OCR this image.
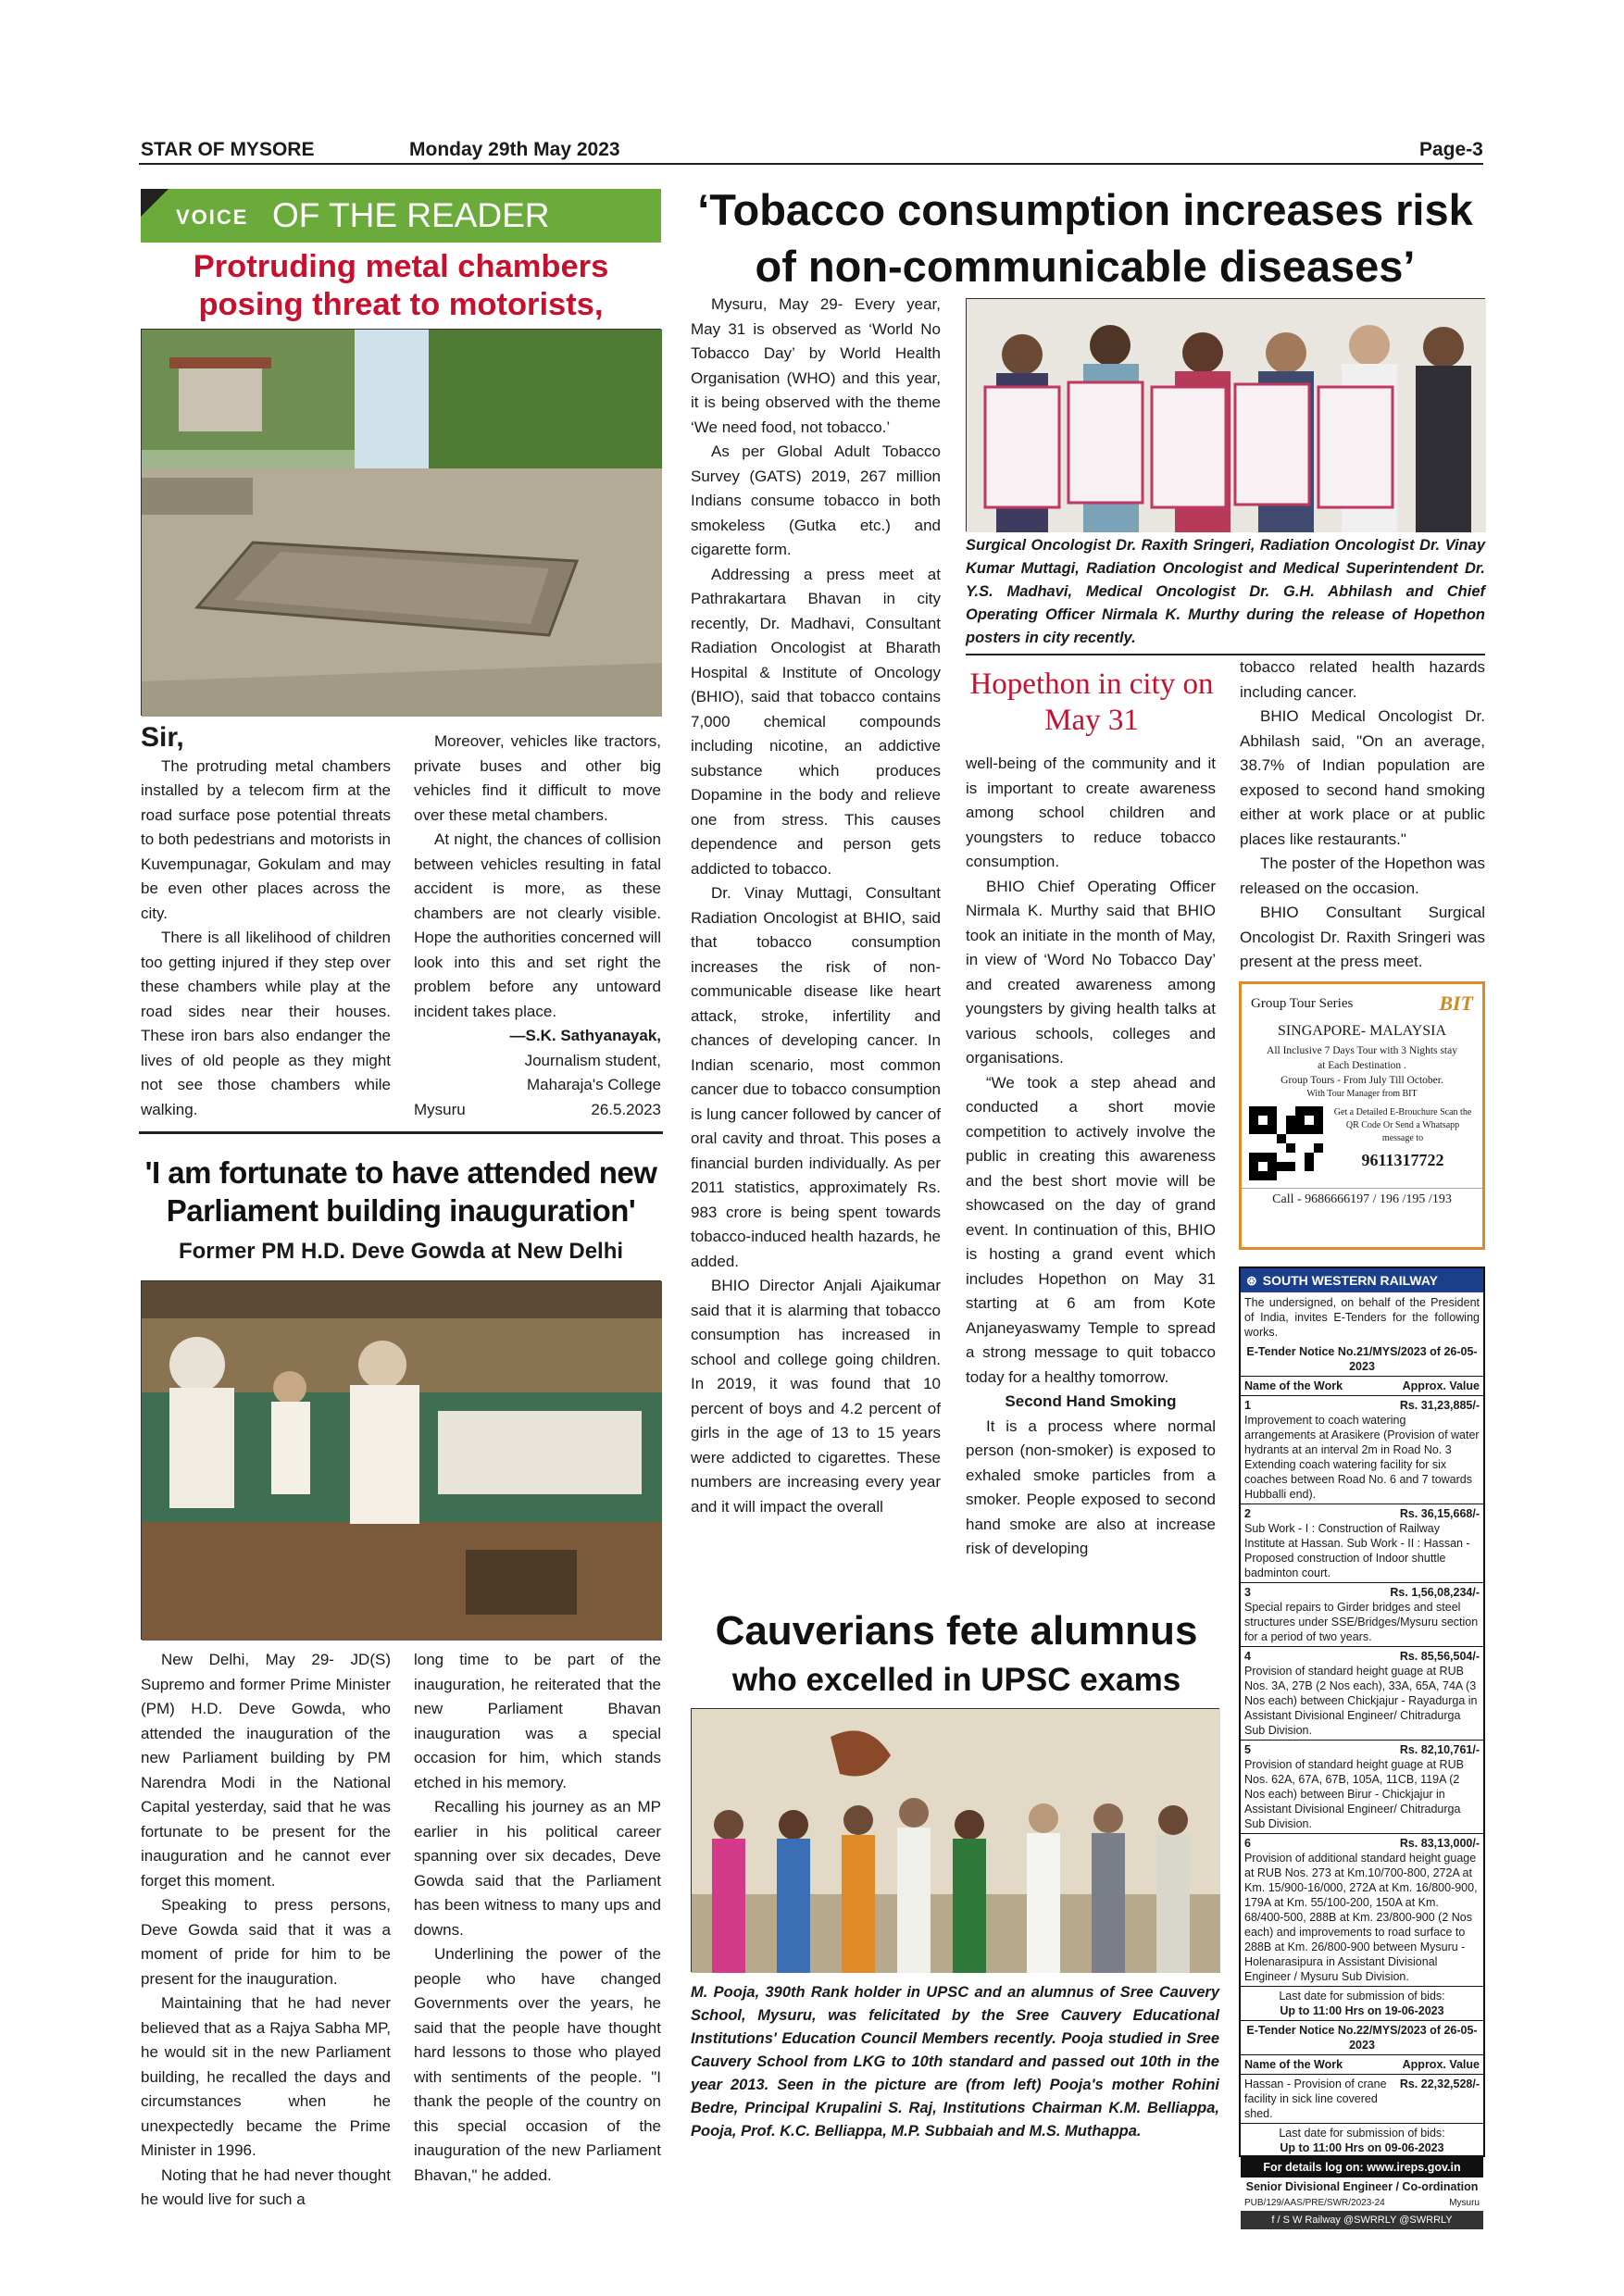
STAR OF MYSORE	Monday 29th May 2023	Page-3
VOICE OF THE READER
Protruding metal chambers posing threat to motorists,

Sir,

The protruding metal chambers installed by a telecom firm at the road surface pose potential threats to both pedestrians and motorists in Kuvempunagar, Gokulam and may be even other places across the city.

There is all likelihood of children too getting injured if they step over these chambers while play at the road sides near their houses. These iron bars also endanger the lives of old people as they might not see those chambers while walking.

Moreover, vehicles like tractors, private buses and other big vehicles find it difficult to move over these metal chambers.

At night, the chances of collision between vehicles resulting in fatal accident is more, as these chambers are not clearly visible. Hope the authorities concerned will look into this and set right the problem before any untoward incident takes place.

—S.K. Sathyanayak,

Journalism student,

Maharaja's College

Mysuru	26.5.2023
'I am fortunate to have attended new Parliament building inauguration'
Former PM H.D. Deve Gowda at New Delhi

New Delhi, May 29- JD(S) Supremo and former Prime Minister (PM) H.D. Deve Gowda, who attended the inauguration of the new Parliament building by PM Narendra Modi in the National Capital yesterday, said that he was fortunate to be present for the inauguration and he cannot ever forget this moment.

Speaking to press persons, Deve Gowda said that it was a moment of pride for him to be present for the inauguration.

Maintaining that he had never believed that as a Rajya Sabha MP, he would sit in the new Parliament building, he recalled the days and circumstances when he unexpectedly became the Prime Minister in 1996.

Noting that he had never thought he would live for such a

long time to be part of the inauguration, he reiterated that the new Parliament Bhavan inauguration was a special occasion for him, which stands etched in his memory.

Recalling his journey as an MP earlier in his political career spanning over six decades, Deve Gowda said that the Parliament has been witness to many ups and downs.

Underlining the power of the people who have changed Governments over the years, he said that the people have thought hard lessons to those who played with sentiments of the people. "I thank the people of the country on this special occasion of the inauguration of the new Parliament Bhavan," he added.

‘Tobacco consumption increases risk of non-communicable diseases’

Mysuru, May 29- Every year, May 31 is observed as ‘World No Tobacco Day’ by World Health Organisation (WHO) and this year, it is being observed with the theme ‘We need food, not tobacco.’

As per Global Adult Tobacco Survey (GATS) 2019, 267 million Indians consume tobacco in both smokeless (Gutka etc.) and cigarette form.

Addressing a press meet at Pathrakartara Bhavan in city recently, Dr. Madhavi, Consultant Radiation Oncologist at Bharath Hospital & Institute of Oncology (BHIO), said that tobacco contains 7,000 chemical compounds including nicotine, an addictive substance which produces Dopamine in the body and relieve one from stress. This causes dependence and person gets addicted to tobacco.

Dr. Vinay Muttagi, Consultant Radiation Oncologist at BHIO, said that tobacco consumption increases the risk of non-communicable disease like heart attack, stroke, infertility and chances of developing cancer. In Indian scenario, most common cancer due to tobacco consumption is lung cancer followed by cancer of oral cavity and throat. This poses a financial burden individually. As per 2011 statistics, approximately Rs. 983 crore is being spent towards tobacco-induced health hazards, he added.

BHIO Director Anjali Ajaikumar said that it is alarming that tobacco consumption has increased in school and college going children. In 2019, it was found that 10 percent of boys and 4.2 percent of girls in the age of 13 to 15 years were addicted to cigarettes. These numbers are increasing every year and it will impact the overall

Surgical Oncologist Dr. Raxith Sringeri, Radiation Oncologist Dr. Vinay Kumar Muttagi, Radiation Oncologist and Medical Superintendent Dr. Y.S. Madhavi, Medical Oncologist Dr. G.H. Abhilash and Chief Operating Officer Nirmala K. Murthy during the release of Hopethon posters in city recently.
Hopethon in city on May 31

well-being of the community and it is important to create awareness among school children and youngsters to reduce tobacco consumption.

BHIO Chief Operating Officer Nirmala K. Murthy said that BHIO took an initiate in the month of May, in view of ‘Word No Tobacco Day’ and created awareness among youngsters by giving health talks at various schools, colleges and organisations.

“We took a step ahead and conducted a short movie competition to actively involve the public in creating this awareness and the best short movie will be showcased on the day of grand event. In continuation of this, BHIO is hosting a grand event which includes Hopethon on May 31 starting at 6 am from Kote Anjaneyaswamy Temple to spread a strong message to quit tobacco today for a healthy tomorrow.

Second Hand Smoking

It is a process where normal person (non-smoker) is exposed to exhaled smoke particles from a smoker. People exposed to second hand smoke are also at increase risk of developing

tobacco related health hazards including cancer.

BHIO Medical Oncologist Dr. Abhilash said, "On an average, 38.7% of Indian population are exposed to second hand smoking either at work place or at public places like restaurants."

The poster of the Hopethon was released on the occasion.

BHIO Consultant Surgical Oncologist Dr. Raxith Sringeri was present at the press meet.

Group Tour Series	BIT
SINGAPORE- MALAYSIA
All Inclusive 7 Days Tour with 3 Nights stay
at Each Destination .
Group Tours - From July Till October.
With Tour Manager from BIT
Get a Detailed E-Brouchure Scan the QR Code Or Send a Whatsapp message to
9611317722
Call - 9686666197 / 196 /195 /193
⊛ SOUTH WESTERN RAILWAY
The undersigned, on behalf of the President of India, invites E-Tenders for the following works.
E-Tender Notice No.21/MYS/2023 of 26-05-2023
Name of the Work	Approx. Value
1	Rs. 31,23,885/-
Improvement to coach watering arrangements at Arasikere (Provision of water hydrants at an interval 2m in Road No. 3 Extending coach watering facility for six coaches between Road No. 6 and 7 towards Hubballi end).
2	Rs. 36,15,668/-
Sub Work - I : Construction of Railway Institute at Hassan. Sub Work - II : Hassan - Proposed construction of Indoor shuttle badminton court.
3	Rs. 1,56,08,234/-
Special repairs to Girder bridges and steel structures under SSE/Bridges/Mysuru section for a period of two years.
4	Rs. 85,56,504/-
Provision of standard height guage at RUB Nos. 3A, 27B (2 Nos each), 33A, 65A, 74A (3 Nos each) between Chickjajur - Rayadurga in Assistant Divisional Engineer/ Chitradurga Sub Division.
5	Rs. 82,10,761/-
Provision of standard height guage at RUB Nos. 62A, 67A, 67B, 105A, 11CB, 119A (2 Nos each) between Birur - Chickjajur in Assistant Divisional Engineer/ Chitradurga Sub Division.
6	Rs. 83,13,000/-
Provision of additional standard height guage at RUB Nos. 273 at Km.10/700-800, 272A at Km. 15/900-16/000, 272A at Km. 16/800-900, 179A at Km. 55/100-200, 150A at Km. 68/400-500, 288B at Km. 23/800-900 (2 Nos each) and improvements to road surface to 288B at Km. 26/800-900 between Mysuru - Holenarasipura in Assistant Divisional Engineer / Mysuru Sub Division.
Last date for submission of bids:
Up to 11:00 Hrs on 19-06-2023
E-Tender Notice No.22/MYS/2023 of 26-05-2023
Name of the Work	Approx. Value
Hassan - Provision of crane facility in sick line covered shed.
Rs. 22,32,528/-
Last date for submission of bids:
Up to 11:00 Hrs on 09-06-2023
For details log on: www.ireps.gov.in
Senior Divisional Engineer / Co-ordination
PUB/129/AAS/PRE/SWR/2023-24	Mysuru
f / S W Railway @SWRRLY @SWRRLY
Cauverians fete alumnus
who excelled in UPSC exams
M. Pooja, 390th Rank holder in UPSC and an alumnus of Sree Cauvery School, Mysuru, was felicitated by the Sree Cauvery Educational Institutions' Education Council Members recently. Pooja studied in Sree Cauvery School from LKG to 10th standard and passed out 10th in the year 2013. Seen in the picture are (from left) Pooja's mother Rohini Bedre, Principal Krupalini S. Raj, Institutions Chairman K.M. Belliappa, Pooja, Prof. K.C. Belliappa, M.P. Subbaiah and M.S. Muthappa.
